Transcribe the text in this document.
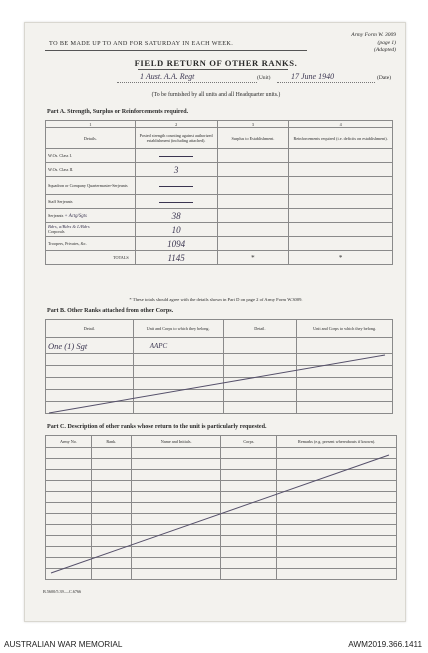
TO BE MADE UP TO AND FOR SATURDAY IN EACH WEEK.
Army Form W. 3009
(page 1)
(Adapted)
FIELD RETURN OF OTHER RANKS.
1 Aust. A.A. Regt	(Unit)	17 June 1940	(Date)
(To be furnished by all units and all Headquarter units.)
Part A. Strength, Surplus or Reinforcements required.
1	2	3	4
Details.	Posted strength counting against authorized establishment (including attached).	Surplus to Establishment.	Reinforcements required (i.e. deficits on establishment).
W.Os. Class I.			
W.Os. Class II.	3		
Squadron or Company Quartermaster-Serjeants			
Staff Serjeants			
Serjeants + Actg/Sgts	38		
Bdrs, a/Bdrs & L/Bdrs
Corporals	10		
Troopers, Privates, &c.	1094		
TOTALS	1145	*	*
* These totals should agree with the details shown in Part D on page 2 of Army Form W.3009.
Part B. Other Ranks attached from other Corps.
Detail.	Unit and Corps to which they belong.	Detail.	Unit and Corps to which they belong.
One (1) Sgt	AAPC		

Part C. Description of other ranks whose return to the unit is particularly requested.
Army No.	Rank.	Name and Initials.	Corps.	Remarks (e.g. present whereabouts if known).

B.5600/5.39.—C.6766
AUSTRALIAN WAR MEMORIAL	AWM2019.366.1411
